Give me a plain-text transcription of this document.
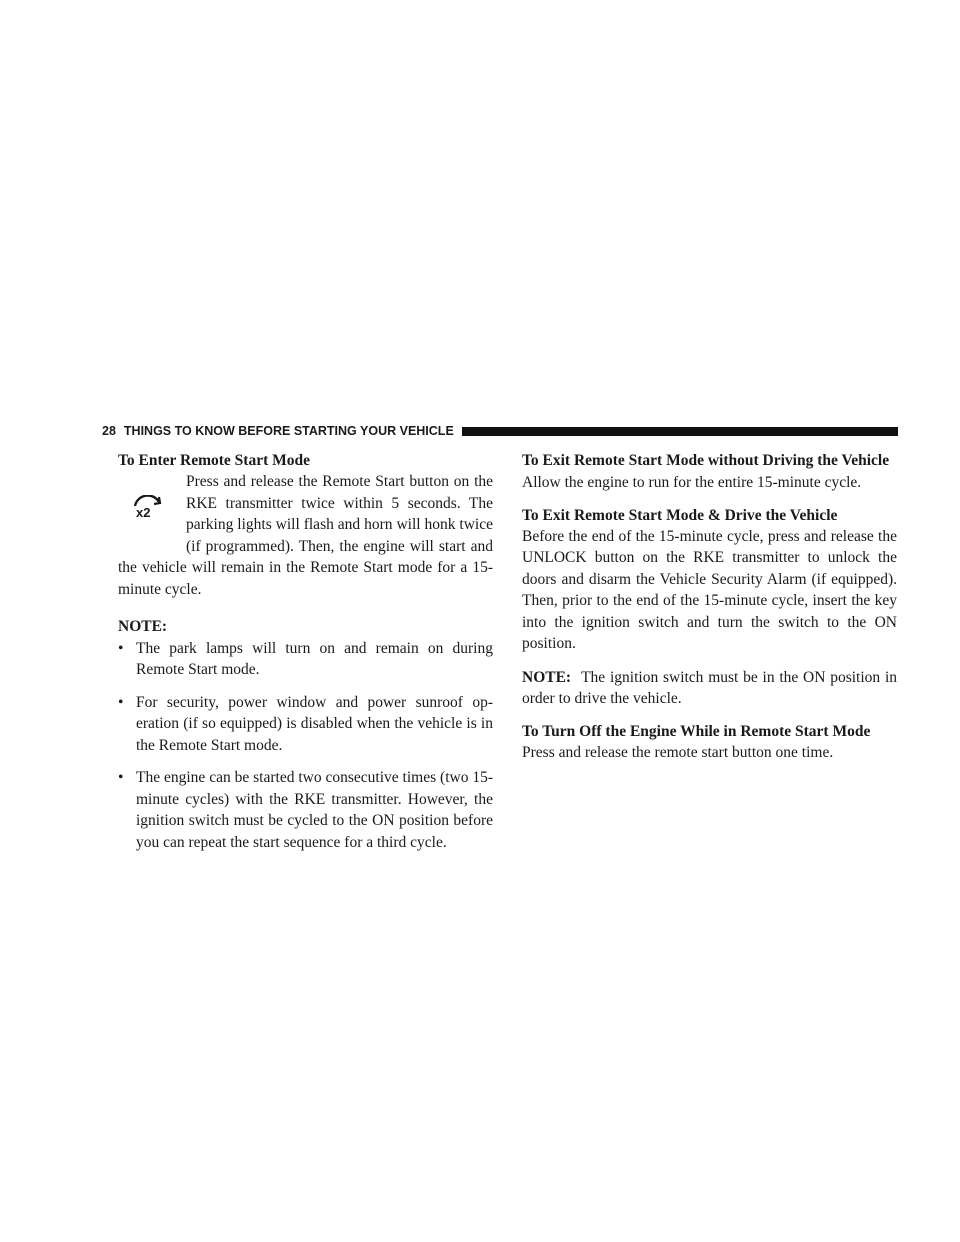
28 THINGS TO KNOW BEFORE STARTING YOUR VEHICLE
To Enter Remote Start Mode
x2

Press and release the Remote Start button on the RKE transmitter twice within 5 seconds. The parking lights will flash and horn will honk twice (if programmed). Then, the engine will start and the vehicle will remain in the Remote Start mode for a 15-minute cycle.

NOTE:
• The park lamps will turn on and remain on during Remote Start mode.
• For security, power window and power sunroof op-eration (if so equipped) is disabled when the vehicle is in the Remote Start mode.
• The engine can be started two consecutive times (two 15-minute cycles) with the RKE transmitter. However, the ignition switch must be cycled to the ON position before you can repeat the start sequence for a third cycle.
To Exit Remote Start Mode without Driving the Vehicle

Allow the engine to run for the entire 15-minute cycle.

To Exit Remote Start Mode & Drive the Vehicle

Before the end of the 15-minute cycle, press and release the UNLOCK button on the RKE transmitter to unlock the doors and disarm the Vehicle Security Alarm (if equipped). Then, prior to the end of the 15-minute cycle, insert the key into the ignition switch and turn the switch to the ON position.

NOTE: The ignition switch must be in the ON position in order to drive the vehicle.

To Turn Off the Engine While in Remote Start Mode

Press and release the remote start button one time.
